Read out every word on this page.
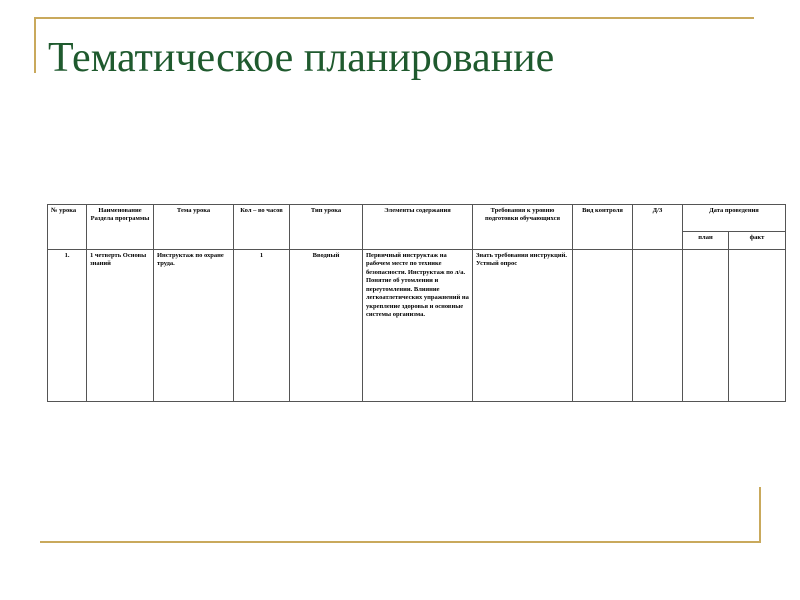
Тематическое планирование
№ урока	Наименование Раздела программы	Тема урока	Кол – во часов	Тип урока	Элементы содержания	Требования к уровню подготовки обучающихся	Вид контроля	Д/З	Дата проведения	
									план	факт
1.	1 четверть Основы знаний	Инструктаж по охране труда.	1	Вводный	Первичный инструктаж на рабочем месте по технике безопасности. Инструктаж по л/а. Понятие об утомлении и переутомлении. Влияние легкоатлетических упражнений на укрепление здоровья и основные системы организма.	Знать требования инструкций. Устный опрос				
